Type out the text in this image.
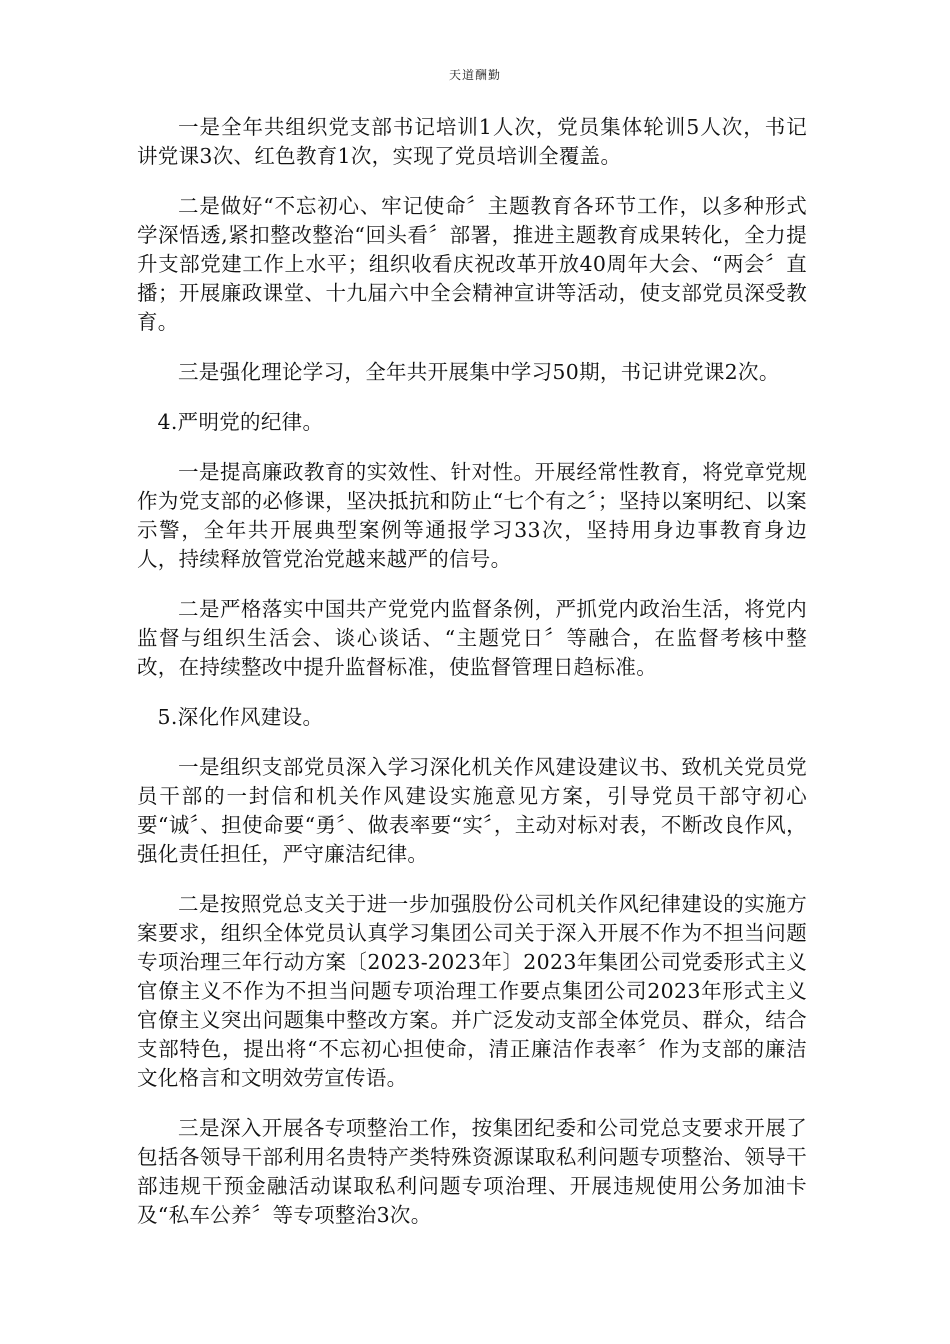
天道酬勤

一是全年共组织党支部书记培训1人次，党员集体轮训5人次，书记讲党课3次、红色教育1次，实现了党员培训全覆盖。

二是做好“不忘初心、牢记使命〞主题教育各环节工作，以多种形式学深悟透,紧扣整改整治“回头看〞部署，推进主题教育成果转化，全力提升支部党建工作上水平；组织收看庆祝改革开放40周年大会、“两会〞直播；开展廉政课堂、十九届六中全会精神宣讲等活动，使支部党员深受教育。

三是强化理论学习，全年共开展集中学习50期，书记讲党课2次。

4.严明党的纪律。

一是提高廉政教育的实效性、针对性。开展经常性教育，将党章党规作为党支部的必修课，坚决抵抗和防止“七个有之〞；坚持以案明纪、以案示警，全年共开展典型案例等通报学习33次，坚持用身边事教育身边人，持续释放管党治党越来越严的信号。

二是严格落实中国共产党党内监督条例，严抓党内政治生活，将党内监督与组织生活会、谈心谈话、“主题党日〞等融合，在监督考核中整改，在持续整改中提升监督标准，使监督管理日趋标准。

5.深化作风建设。

一是组织支部党员深入学习深化机关作风建设建议书、致机关党员党员干部的一封信和机关作风建设实施意见方案，引导党员干部守初心要“诚〞、担使命要“勇〞、做表率要“实〞，主动对标对表，不断改良作风，强化责任担任，严守廉洁纪律。

二是按照党总支关于进一步加强股份公司机关作风纪律建设的实施方案要求，组织全体党员认真学习集团公司关于深入开展不作为不担当问题专项治理三年行动方案〔2023-2023年〕2023年集团公司党委形式主义官僚主义不作为不担当问题专项治理工作要点集团公司2023年形式主义官僚主义突出问题集中整改方案。并广泛发动支部全体党员、群众，结合支部特色，提出将“不忘初心担使命，清正廉洁作表率〞作为支部的廉洁文化格言和文明效劳宣传语。

三是深入开展各专项整治工作，按集团纪委和公司党总支要求开展了包括各领导干部利用名贵特产类特殊资源谋取私利问题专项整治、领导干部违规干预金融活动谋取私利问题专项治理、开展违规使用公务加油卡及“私车公养〞等专项整治3次。
